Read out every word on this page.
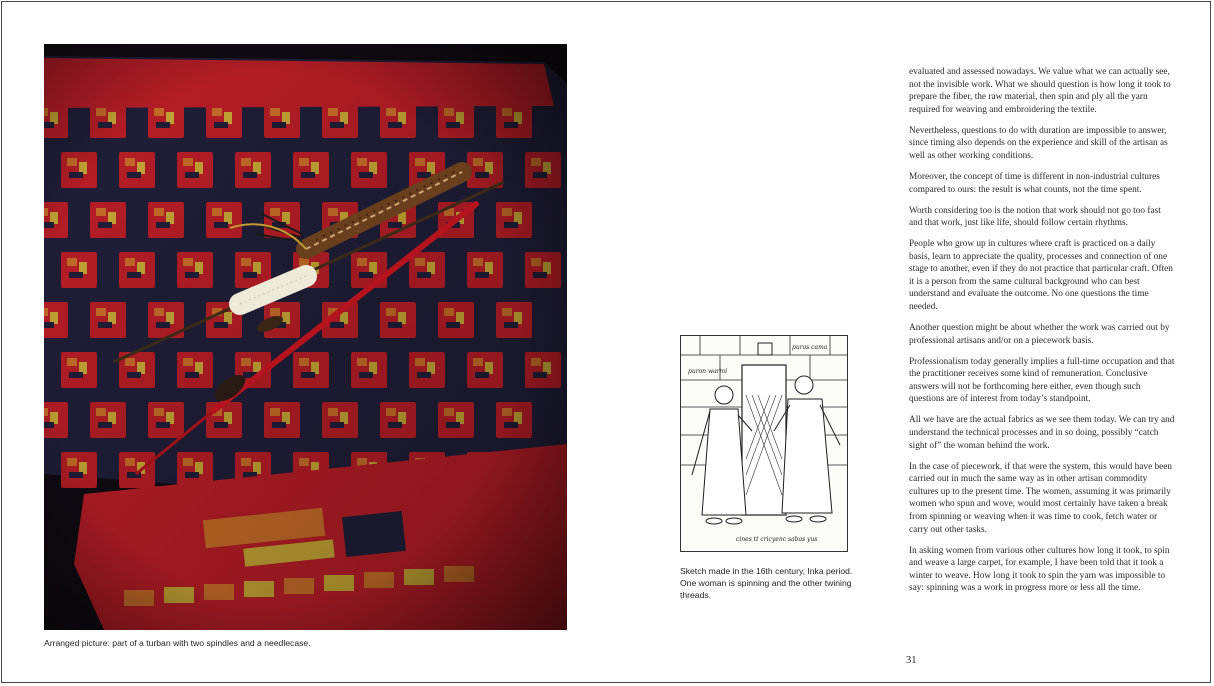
Arranged picture: part of a turban with two spindles and a needlecase.
puron warmi
puras cama
cines tt cricyenc sabas yus
Sketch made in the 16th century, Inka period. One woman is spinning and the other twining threads.

evaluated and assessed nowadays. We value what we can actually see, not the invisible work. What we should question is how long it took to prepare the fiber, the raw material, then spin and ply all the yarn required for weaving and embroidering the textile.

Nevertheless, questions to do with duration are impossible to answer, since timing also depends on the experience and skill of the artisan as well as other working conditions.

Moreover, the concept of time is different in non-industrial cultures compared to ours: the result is what counts, not the time spent.

Worth considering too is the notion that work should not go too fast and that work, just like life, should follow certain rhythms.

People who grow up in cultures where craft is practiced on a daily basis, learn to appreciate the quality, processes and connection of one stage to another, even if they do not practice that particular craft. Often it is a person from the same cultural background who can best understand and evaluate the outcome. No one questions the time needed.

Another question might be about whether the work was carried out by professional artisans and/or on a piecework basis.

Professionalism today generally implies a full-time occupation and that the practitioner receives some kind of remuneration. Conclusive answers will not be forthcoming here either, even though such questions are of interest from today’s standpoint.

All we have are the actual fabrics as we see them today. We can try and understand the technical processes and in so doing, possibly “catch sight of” the woman behind the work.

In the case of piecework, if that were the system, this would have been carried out in much the same way as in other artisan commodity cultures up to the present time. The women, assuming it was primarily women who spun and wove, would most certainly have taken a break from spinning or weaving when it was time to cook, fetch water or carry out other tasks.

In asking women from various other cultures how long it took, to spin and weave a large carpet, for example, I have been told that it took a winter to weave. How long it took to spin the yarn was impossible to say: spinning was a work in progress more or less all the time.

31
